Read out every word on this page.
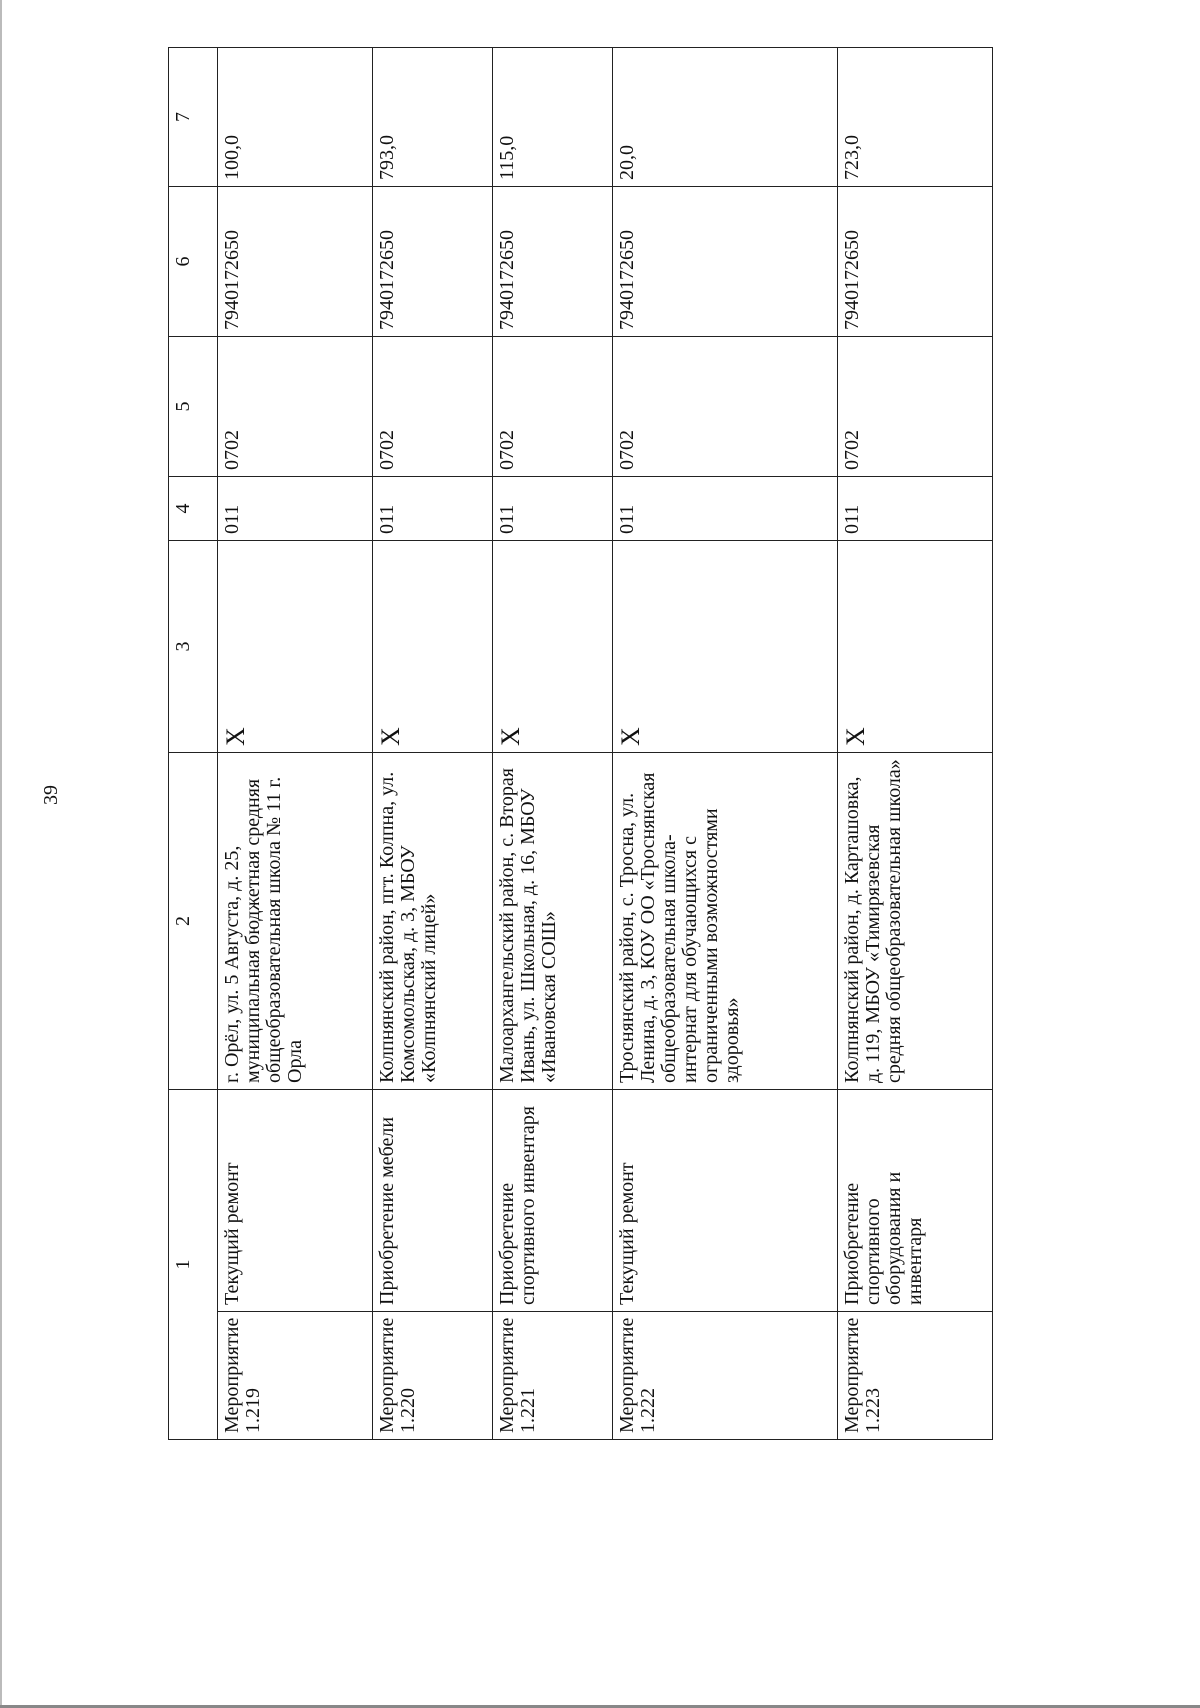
39
1		2	3	4	5	6	7
Мероприятие 1.219	Текущий ремонт	г. Орёл, ул. 5 Августа, д. 25, муниципальная бюджетная средняя общеобразовательная школа № 11 г. Орла	Х	011	0702	7940172650	100,0
Мероприятие 1.220	Приобретение мебели	Колпнянский район, пгт. Колпна, ул. Комсомольская, д. 3, МБОУ «Колпнянский лицей»	Х	011	0702	7940172650	793,0
Мероприятие 1.221	Приобретение спортивного инвентаря	Малоархангельский район, с. Вторая Ивань, ул. Школьная, д. 16, МБОУ «Ивановская СОШ»	Х	011	0702	7940172650	115,0
Мероприятие 1.222	Текущий ремонт	Троснянский район, с. Тросна, ул. Ленина, д. 3, КОУ ОО «Троснянская общеобразовательная школа-интернат для обучающихся с ограниченными возможностями здоровья»	Х	011	0702	7940172650	20,0
Мероприятие 1.223	Приобретение спортивного оборудования и инвентаря	Колпнянский район, д. Карташовка, д. 119, МБОУ «Тимирязевская средняя общеобразовательная школа»	Х	011	0702	7940172650	723,0
